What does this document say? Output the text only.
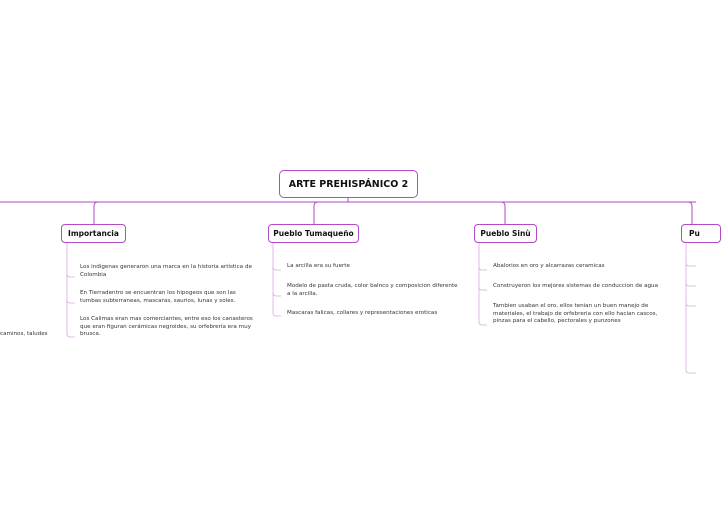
ARTE PREHISPÁNICO 2
Importancia	Pueblo Tumaqueño	Pueblo Sinù	Pu

Los indígenas generaron una marca en la historia artística de Colombia

En Tierradentro se encuentran los hipogeos que son las tumbas subterraneas, mascaras, saurios, lunas y soles.

Los Calimas eran mas comerciantes, entre eso los canasteros que eran figuran cerámicas negroides, su orfebrería era muy brusca.

La arcilla era su fuerte

Modelo de pasta cruda, color balnco y composicion diferente a la arcilla.

Mascaras falicas, collares y representaciones eroticas

Abalorios en oro y alcarrazas ceramicas

Construyeron los mejores sistemas de conduccion de agua

Tambien usaban el oro, ellos tenian un buen manejo de materiales, el trabajo de orfebreria con ello hacian cascos, pinzas para el cabello, pectorales y punzones

caminos, taludes
